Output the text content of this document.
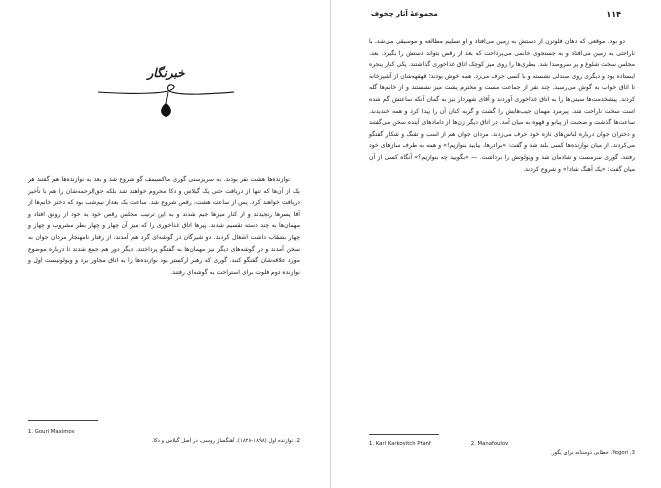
خبرنگار

نوازنده‌ها هشت نفر بودند. به سرپرستی گوری ماکسیمف گو شروع شد و بعد به نوازنده‌ها هم گفتند هر یک از آن‌ها که تنها از دریافت حتی یک گیلاس و دکا محروم خواهند شد بلکه حق‌الزحمه‌شان را هم با تأخیر دریافت خواهند کرد. پس از ساعت هشت، رقص شروع شد. ساعت یک بعداز نیم‌شب بود که دختر خانم‌ها از آقا پسرها رنجیدند و از کنار میزها جیم شدند و به این ترتیب مجلس رقص خود به خود از رونق افتاد و مهمان‌ها به چند دسته تقسیم شدند. پیرها اتاق غذاخوری را که میز آن چهار و چهار بطر مشروب و چهار و چهار بشقاب داشت اشغال کردند. دو شیرگان در گوشه‌ای گرد هم آمدند، از رفتار نامهنجار مردان جوان به سخن آمدند و در گوشه‌های دیگر نیز مهمان‌ها به گفتگو پرداختند. دیگر دور هم جمع شدند تا درباره موضوع مورد علاقه‌شان گفتگو کنند. گوری که رهبر ارکستر بود نوازنده‌ها را به اتاق مجاور برد و ویولونیست اول و نوازنده دوم فلوت برای استراحت به گوشه‌ای رفتند.

1. Gouri Maximov
2. نوازنده اول (۱۸۹۸-۱۸۲۸)، آهنگساز روسی، در اصل گیلاس و دکا.
مجموعهٔ آثار چخوف	۱۱۴

دو بود. موقعی که دهان فلوتزن از دستش به زمین می‌افتاد و او تسلیم مطالعه و موسیقی می‌شد، با ناراحتی به زمین می‌افتاد و به جستجوی خانمی می‌پرداخت که بعد از رقص بتواند دستش را بگیرد. بعد، مجلس سخت شلوغ و پر سروصدا شد. بطری‌ها را روی میز کوچک اتاق غذاخوری گذاشتند. یکی کنار پنجره ایستاده بود و دیگری روی صندلی نشسته و با کسی حرف می‌زد. همه خوش بودند؛ قهقهه‌شان از آشپزخانه تا اتاق خواب به گوش می‌رسید. چند نفر از جماعت مست و محترم پشت میز نشستند و از خانم‌ها گله کردند. پیشخدمت‌ها سینی‌ها را به اتاق غذاخوری آوردند و آقای شهردار نیز به گمان آنکه ساعتش گم شده است سخت ناراحت شد. پیرمرد مهمان جیب‌هایش را گشت و گریه کنان آن را پیدا کرد و همه خندیدند. ساعت‌ها گذشت و صحبت از پیانو و قهوه به میان آمد. در اتاق دیگر زن‌ها از دامادهای آینده سخن می‌گفتند و دختران جوان درباره لباس‌های تازه خود حرف می‌زدند. مردان جوان هم از اسب و تفنگ و شکار گفتگو می‌کردند. از میان نوازنده‌ها کسی بلند شد و گفت: «برادرها، بیایید بنوازیم!» و همه به طرف سازهای خود رفتند. گوری سرمست و شادمان شد و ویولونش را برداشت. — «بگویید چه بنوازیم؟» آنگاه کسی از آن میان گفت: «یک آهنگ شاد!» و شروع کردند.

1. Karl Karkovitch Pfanf	2. Manafoulov
3. Yegori، خطابی دوستانه برای یگور.
